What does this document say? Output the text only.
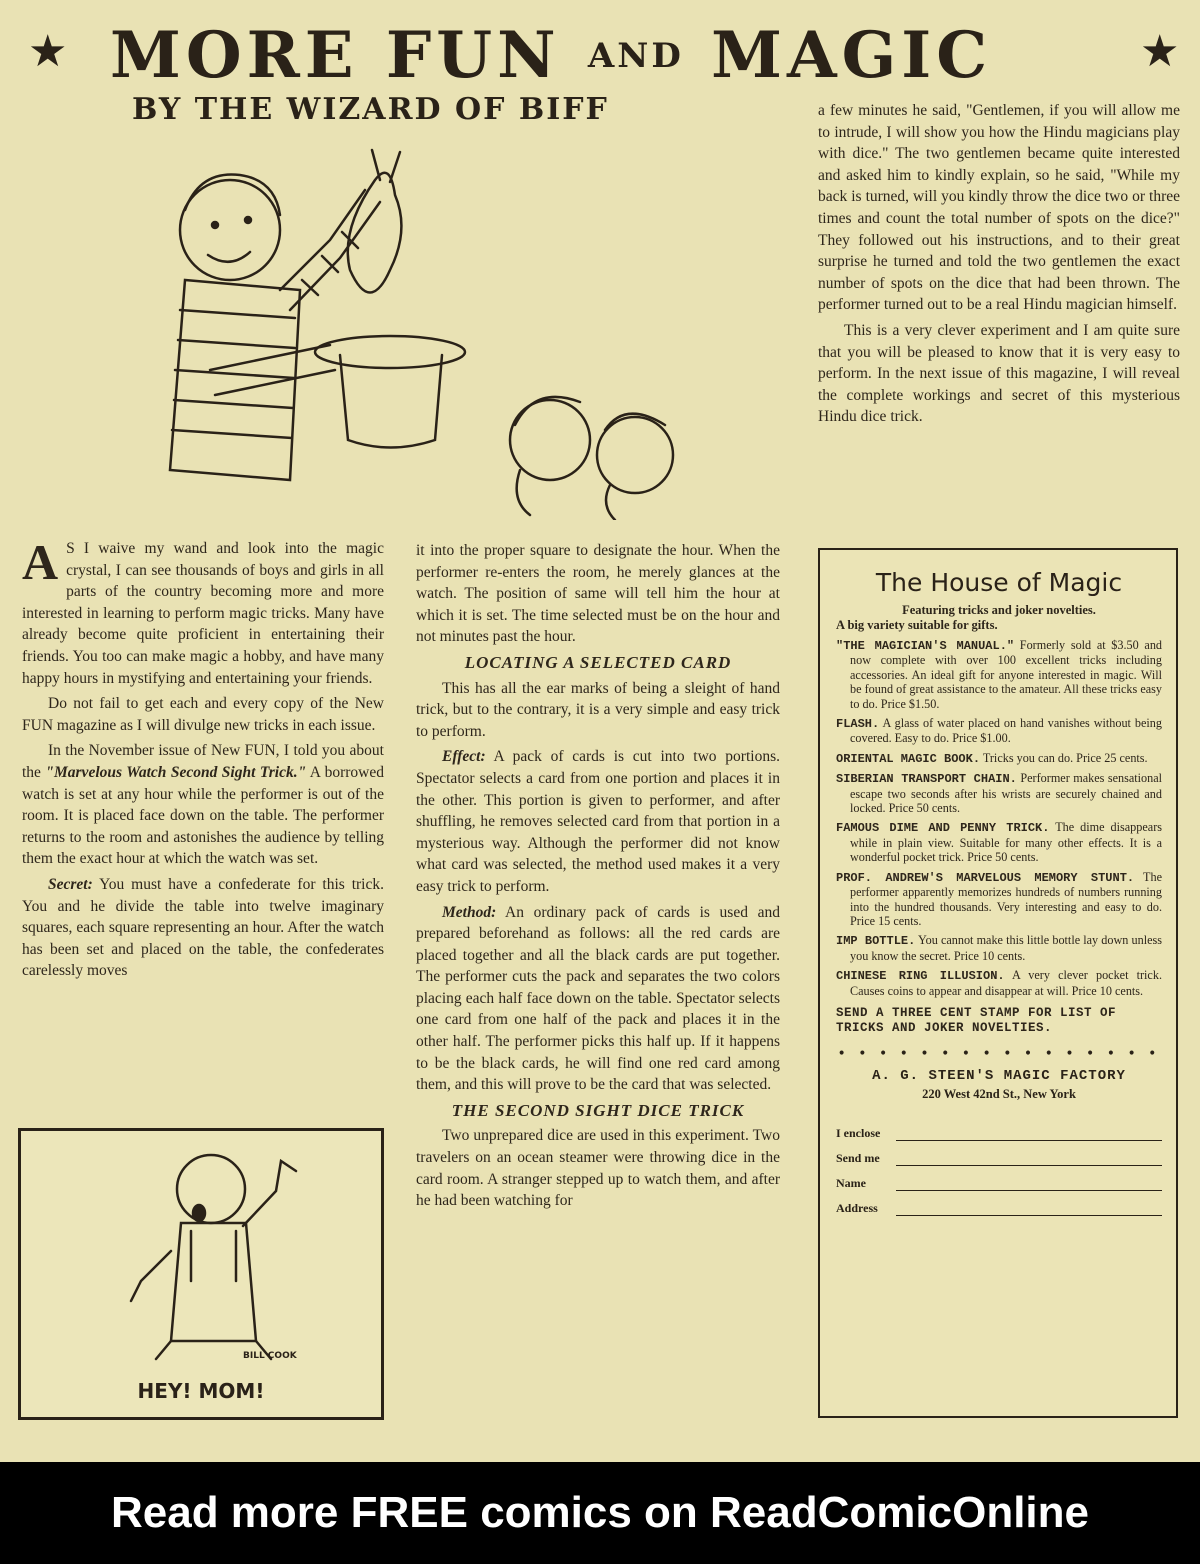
★ MORE FUN AND MAGIC	★
BY THE WIZARD OF BIFF

A S I waive my wand and look into the magic crystal, I can see thousands of boys and girls in all parts of the country becoming more and more interested in learning to perform magic tricks. Many have already become quite proficient in entertaining their friends. You too can make magic a hobby, and have many happy hours in mystifying and entertaining your friends.

Do not fail to get each and every copy of the New FUN magazine as I will divulge new tricks in each issue.

In the November issue of New FUN, I told you about the "Marvelous Watch Second Sight Trick." A borrowed watch is set at any hour while the performer is out of the room. It is placed face down on the table. The performer returns to the room and astonishes the audience by telling them the exact hour at which the watch was set.

Secret: You must have a confederate for this trick. You and he divide the table into twelve imaginary squares, each square representing an hour. After the watch has been set and placed on the table, the confederates carelessly moves

BILL COOK
HEY! MOM!

it into the proper square to designate the hour. When the performer re-enters the room, he merely glances at the watch. The position of same will tell him the hour at which it is set. The time selected must be on the hour and not minutes past the hour.

LOCATING A SELECTED CARD

This has all the ear marks of being a sleight of hand trick, but to the contrary, it is a very simple and easy trick to perform.

Effect: A pack of cards is cut into two portions. Spectator selects a card from one portion and places it in the other. This portion is given to performer, and after shuffling, he removes selected card from that portion in a mysterious way. Although the performer did not know what card was selected, the method used makes it a very easy trick to perform.

Method: An ordinary pack of cards is used and prepared beforehand as follows: all the red cards are placed together and all the black cards are put together. The performer cuts the pack and separates the two colors placing each half face down on the table. Spectator selects one card from one half of the pack and places it in the other half. The performer picks this half up. If it happens to be the black cards, he will find one red card among them, and this will prove to be the card that was selected.

THE SECOND SIGHT DICE TRICK

Two unprepared dice are used in this experiment. Two travelers on an ocean steamer were throwing dice in the card room. A stranger stepped up to watch them, and after he had been watching for

a few minutes he said, "Gentlemen, if you will allow me to intrude, I will show you how the Hindu magicians play with dice." The two gentlemen became quite interested and asked him to kindly explain, so he said, "While my back is turned, will you kindly throw the dice two or three times and count the total number of spots on the dice?" They followed out his instructions, and to their great surprise he turned and told the two gentlemen the exact number of spots on the dice that had been thrown. The performer turned out to be a real Hindu magician himself.

This is a very clever experiment and I am quite sure that you will be pleased to know that it is very easy to perform. In the next issue of this magazine, I will reveal the complete workings and secret of this mysterious Hindu dice trick.

The House of Magic
Featuring tricks and joker novelties.
A big variety suitable for gifts.
"THE MAGICIAN'S MANUAL." Formerly sold at $3.50 and now complete with over 100 excellent tricks including accessories. An ideal gift for anyone interested in magic. Will be found of great assistance to the amateur. All these tricks easy to do. Price $1.50.
FLASH. A glass of water placed on hand vanishes without being covered. Easy to do. Price $1.00.
ORIENTAL MAGIC BOOK. Tricks you can do. Price 25 cents.
SIBERIAN TRANSPORT CHAIN. Performer makes sensational escape two seconds after his wrists are securely chained and locked. Price 50 cents.
FAMOUS DIME AND PENNY TRICK. The dime disappears while in plain view. Suitable for many other effects. It is a wonderful pocket trick. Price 50 cents.
PROF. ANDREW'S MARVELOUS MEMORY STUNT. The performer apparently memorizes hundreds of numbers running into the hundred thousands. Very interesting and easy to do. Price 15 cents.
IMP BOTTLE. You cannot make this little bottle lay down unless you know the secret. Price 10 cents.
CHINESE RING ILLUSION. A very clever pocket trick. Causes coins to appear and disappear at will. Price 10 cents.
SEND A THREE CENT STAMP FOR LIST OF TRICKS AND JOKER NOVELTIES.
• • • • • • • • • • • • • • • •
A. G. STEEN'S MAGIC FACTORY
220 West 42nd St., New York
I enclose
Send me
Name
Address
Read more FREE comics on ReadComicOnline
